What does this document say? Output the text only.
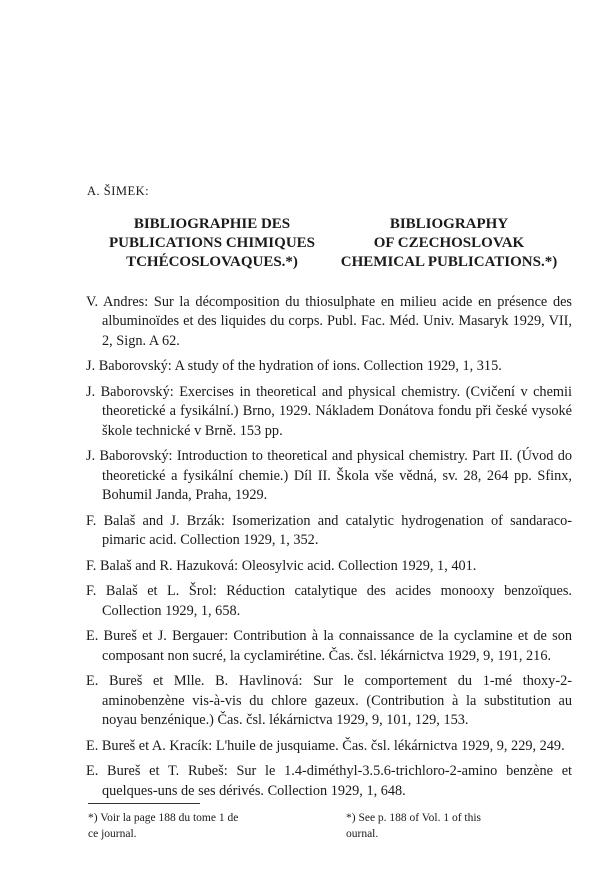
A. ŠIMEK:
BIBLIOGRAPHIE DES
PUBLICATIONS CHIMIQUES
TCHÉCOSLOVAQUES.*)
BIBLIOGRAPHY
OF CZECHOSLOVAK
CHEMICAL PUBLICATIONS.*)
V. Andres: Sur la décomposition du thiosulphate en milieu acide en présence des albuminoïdes et des liquides du corps. Publ. Fac. Méd. Univ. Masaryk 1929, VII, 2, Sign. A 62.
J. Baborovský: A study of the hydration of ions. Collection 1929, 1, 315.
J. Baborovský: Exercises in theoretical and physical chemistry. (Cvičení v chemii theoretické a fysikální.) Brno, 1929. Nákladem Donátova fondu při české vysoké škole technické v Brně. 153 pp.
J. Baborovský: Introduction to theoretical and physical chemistry. Part II. (Úvod do theoretické a fysikální chemie.) Díl II. Škola vše vědná, sv. 28, 264 pp. Sfinx, Bohumil Janda, Praha, 1929.
F. Balaš and J. Brzák: Isomerization and catalytic hydrogenation of sandaraco-pimaric acid. Collection 1929, 1, 352.
F. Balaš and R. Hazuková: Oleosylvic acid. Collection 1929, 1, 401.
F. Balaš et L. Šrol: Réduction catalytique des acides monooxy benzoïques. Collection 1929, 1, 658.
E. Bureš et J. Bergauer: Contribution à la connaissance de la cyclamine et de son composant non sucré, la cyclamirétine. Čas. čsl. lékárnictva 1929, 9, 191, 216.
E. Bureš et Mlle. B. Havlinová: Sur le comportement du 1-mé thoxy-2-aminobenzène vis-à-vis du chlore gazeux. (Contribution à la substitution au noyau benzénique.) Čas. čsl. lékárnictva 1929, 9, 101, 129, 153.
E. Bureš et A. Kracík: L'huile de jusquiame. Čas. čsl. lékárnictva 1929, 9, 229, 249.
E. Bureš et T. Rubeš: Sur le 1.4-diméthyl-3.5.6-trichloro-2-amino benzène et quelques-uns de ses dérivés. Collection 1929, 1, 648.
*) Voir la page 188 du tome 1 de
ce journal.
*) See p. 188 of Vol. 1 of this
ournal.
